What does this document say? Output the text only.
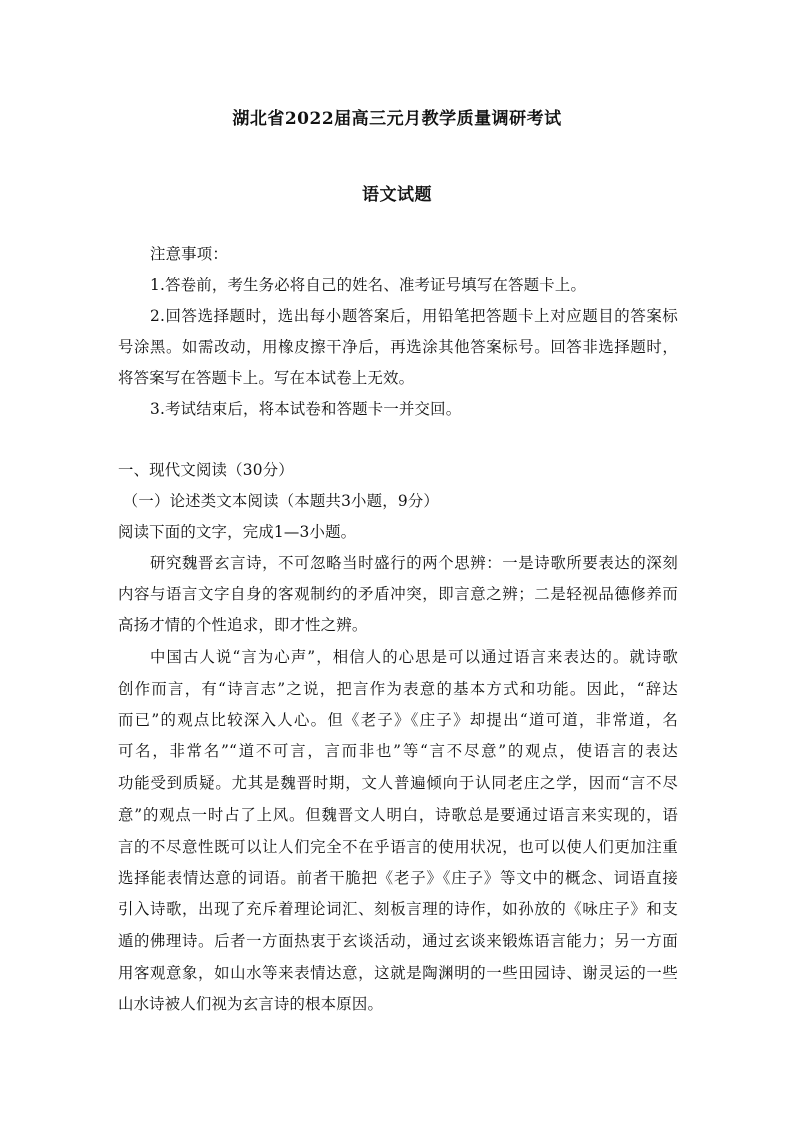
湖北省2022届高三元月教学质量调研考试
语文试题
注意事项：
1.答卷前，考生务必将自己的姓名、准考证号填写在答题卡上。
2.回答选择题时，选出每小题答案后，用铅笔把答题卡上对应题目的答案标
号涂黑。如需改动，用橡皮擦干净后，再选涂其他答案标号。回答非选择题时，
将答案写在答题卡上。写在本试卷上无效。
3.考试结束后，将本试卷和答题卡一并交回。
一、现代文阅读（30分）
（一）论述类文本阅读（本题共3小题，9分）
阅读下面的文字，完成1—3小题。
研究魏晋玄言诗，不可忽略当时盛行的两个思辨：一是诗歌所要表达的深刻
内容与语言文字自身的客观制约的矛盾冲突，即言意之辨；二是轻视品德修养而
高扬才情的个性追求，即才性之辨。
中国古人说“言为心声”，相信人的心思是可以通过语言来表达的。就诗歌
创作而言，有“诗言志”之说，把言作为表意的基本方式和功能。因此，“辞达
而已”的观点比较深入人心。但《老子》《庄子》却提出“道可道，非常道，名
可名，非常名”“道不可言，言而非也”等“言不尽意”的观点，使语言的表达
功能受到质疑。尤其是魏晋时期，文人普遍倾向于认同老庄之学，因而“言不尽
意”的观点一时占了上风。但魏晋文人明白，诗歌总是要通过语言来实现的，语
言的不尽意性既可以让人们完全不在乎语言的使用状况，也可以使人们更加注重
选择能表情达意的词语。前者干脆把《老子》《庄子》等文中的概念、词语直接
引入诗歌，出现了充斥着理论词汇、刻板言理的诗作，如孙放的《咏庄子》和支
遁的佛理诗。后者一方面热衷于玄谈活动，通过玄谈来锻炼语言能力；另一方面
用客观意象，如山水等来表情达意，这就是陶渊明的一些田园诗、谢灵运的一些
山水诗被人们视为玄言诗的根本原因。
